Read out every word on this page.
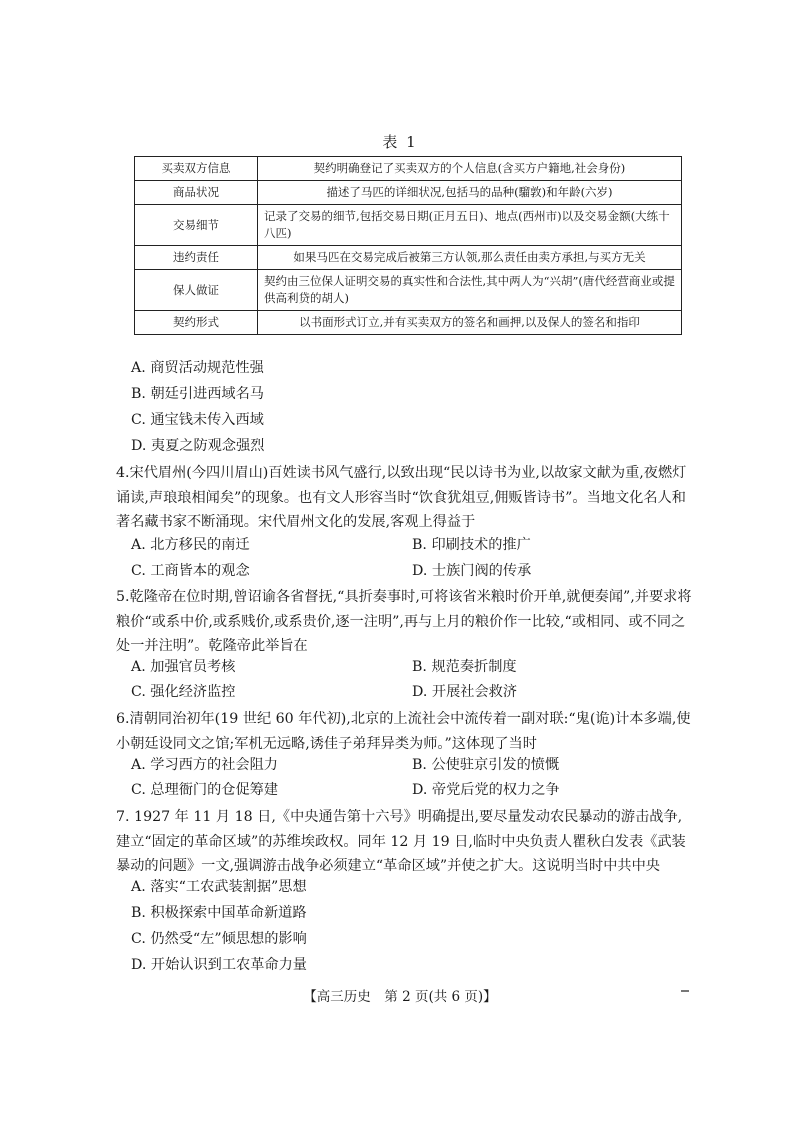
表 1
买卖双方信息	契约明确登记了买卖双方的个人信息(含买方户籍地,社会身份)
商品状况	描述了马匹的详细状况,包括马的品种(騮敦)和年龄(六岁)
交易细节	记录了交易的细节,包括交易日期(正月五日)、地点(西州市)以及交易金额(大练十八匹)
违约责任	如果马匹在交易完成后被第三方认领,那么责任由卖方承担,与买方无关
保人做证	契约由三位保人证明交易的真实性和合法性,其中两人为“兴胡”(唐代经营商业或提供高利贷的胡人)
契约形式	以书面形式订立,并有买卖双方的签名和画押,以及保人的签名和指印
A. 商贸活动规范性强
B. 朝廷引进西域名马
C. 通宝钱未传入西域
D. 夷夏之防观念强烈
4.宋代眉州(今四川眉山)百姓读书风气盛行,以致出现“民以诗书为业,以故家文献为重,夜燃灯诵读,声琅琅相闻矣”的现象。也有文人形容当时“饮食犹俎豆,佣贩皆诗书”。当地文化名人和著名藏书家不断涌现。宋代眉州文化的发展,客观上得益于
A. 北方移民的南迁	B. 印刷技术的推广
C. 工商皆本的观念	D. 士族门阀的传承
5.乾隆帝在位时期,曾诏谕各省督抚,“具折奏事时,可将该省米粮时价开单,就便奏闻”,并要求将粮价“或系中价,或系贱价,或系贵价,逐一注明”,再与上月的粮价作一比较,“或相同、或不同之处一并注明”。乾隆帝此举旨在
A. 加强官员考核	B. 规范奏折制度
C. 强化经济监控	D. 开展社会救济
6.清朝同治初年(19 世纪 60 年代初),北京的上流社会中流传着一副对联:“鬼(诡)计本多端,使小朝廷设同文之馆;军机无远略,诱佳子弟拜异类为师。”这体现了当时
A. 学习西方的社会阻力	B. 公使驻京引发的愤慨
C. 总理衙门的仓促筹建	D. 帝党后党的权力之争
7. 1927 年 11 月 18 日,《中央通告第十六号》明确提出,要尽量发动农民暴动的游击战争,建立“固定的革命区域”的苏维埃政权。同年 12 月 19 日,临时中央负责人瞿秋白发表《武装暴动的问题》一文,强调游击战争必须建立“革命区域”并使之扩大。这说明当时中共中央
A. 落实“工农武装割据”思想
B. 积极探索中国革命新道路
C. 仍然受“左”倾思想的影响
D. 开始认识到工农革命力量
【高三历史　第 2 页(共 6 页)】
